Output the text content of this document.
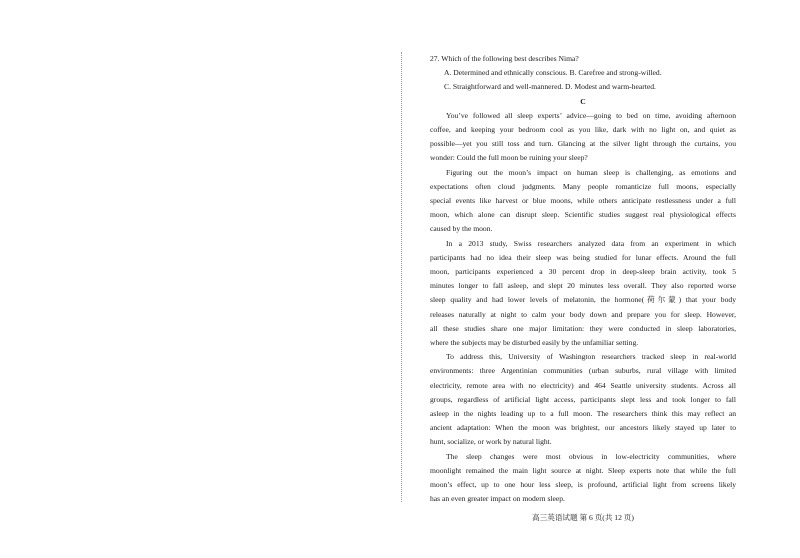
27. Which of the following best describes Nima?
A. Determined and ethnically conscious. B. Carefree and strong-willed.
C. Straightforward and well-mannered. D. Modest and warm-hearted.
C

You’ve followed all sleep experts’ advice—going to bed on time, avoiding afternoon
coffee, and keeping your bedroom cool as you like, dark with no light on, and quiet as
possible—yet you still toss and turn. Glancing at the silver light through the curtains, you
wonder: Could the full moon be ruining your sleep?

Figuring out the moon’s impact on human sleep is challenging, as emotions and
expectations often cloud judgments. Many people romanticize full moons, especially
special events like harvest or blue moons, while others anticipate restlessness under a full
moon, which alone can disrupt sleep. Scientific studies suggest real physiological effects
caused by the moon.

In a 2013 study, Swiss researchers analyzed data from an experiment in which
participants had no idea their sleep was being studied for lunar effects. Around the full
moon, participants experienced a 30 percent drop in deep-sleep brain activity, took 5
minutes longer to fall asleep, and slept 20 minutes less overall. They also reported worse
sleep quality and had lower levels of melatonin, the hormone(荷尔蒙) that your body
releases naturally at night to calm your body down and prepare you for sleep. However,
all these studies share one major limitation: they were conducted in sleep laboratories,
where the subjects may be disturbed easily by the unfamiliar setting.

To address this, University of Washington researchers tracked sleep in real-world
environments: three Argentinian communities (urban suburbs, rural village with limited
electricity, remote area with no electricity) and 464 Seattle university students. Across all
groups, regardless of artificial light access, participants slept less and took longer to fall
asleep in the nights leading up to a full moon. The researchers think this may reflect an
ancient adaptation: When the moon was brightest, our ancestors likely stayed up later to
hunt, socialize, or work by natural light.

The sleep changes were most obvious in low-electricity communities, where
moonlight remained the main light source at night. Sleep experts note that while the full
moon’s effect, up to one hour less sleep, is profound, artificial light from screens likely
has an even greater impact on modern sleep.

高三英语试题 第 6 页(共 12 页)
